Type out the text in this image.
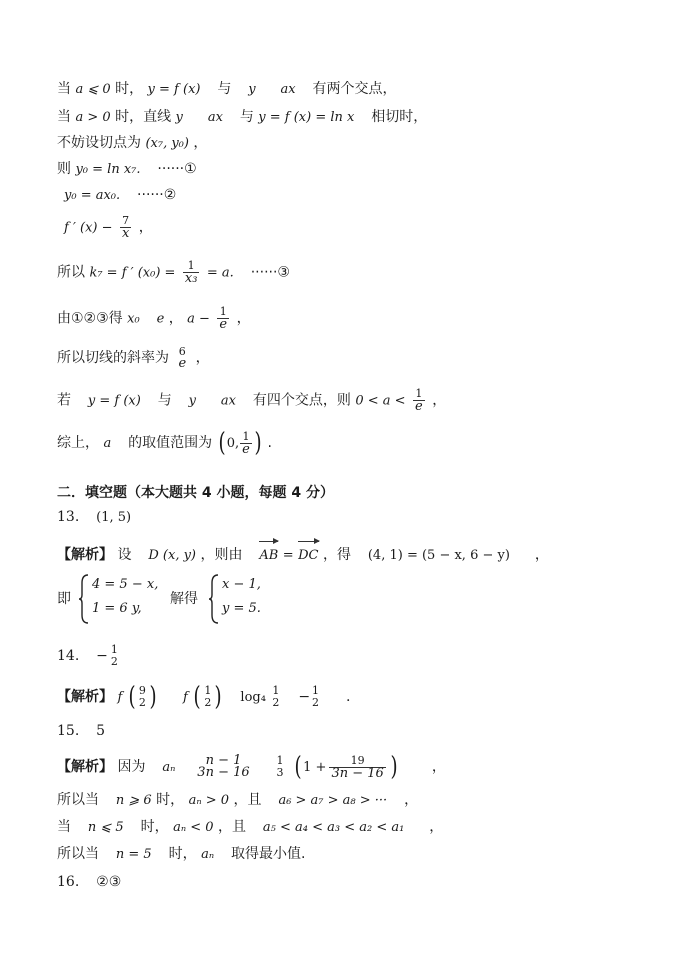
当 a ⩽ 0 时， y = f (x) 与 y ax 有两个交点，
当 a > 0 时，直线 y ax 与 y = f (x) = ln x 相切时，
不妨设切点为 (x₇, y₀) ，
则 y₀ = ln x₇. ······①
y₀ = ax₀. ······②
f ′ $(x) - \frac{7}{x}$ ，
所以 k₇ = f ′ $(x_0) = \frac{1}{\text{x₃}} = a$. ······③
由①②③得 x₀ e ， $a - \frac{1}{e}$ ，
所以切线的斜率为 6
e ，
若 y = f (x) 与 y ax 有四个交点，则 $0 < a < \frac{1}{e}$ ，
综上， a 的取值范围为 ( 0, $\frac{1}{e}$ ) .
二．填空题（本大题共 4 小题，每题 4 分）
13. (1, 5)
【解析】 设 D (x, y) ，则由 AB = DC ，得 (4, 1) = (5 − x, 6 − y) ，
即
4 = 5 − x,
1 = 6 y,
解得
x − 1,
y = 5.
14. − 1
2
【解析】 f ( 9
2 ) f ( 1
2 ) log₄ 1
2 − 1
2 .
15. 5
【解析】 因为 aₙ	n − 1
3n − 16

1
3 ( $1 + \frac{19}{3n - 16}$ ) ，
所以当 n ⩾ 6 时， aₙ > 0 ，且 a₆ > a₇ > a₈ > ··· ，
当 n ⩽ 5 时， aₙ < 0 ，且 a₅ < a₄ < a₃ < a₂ < a₁ ，
所以当 n = 5 时， aₙ 取得最小值.
16. ②③
